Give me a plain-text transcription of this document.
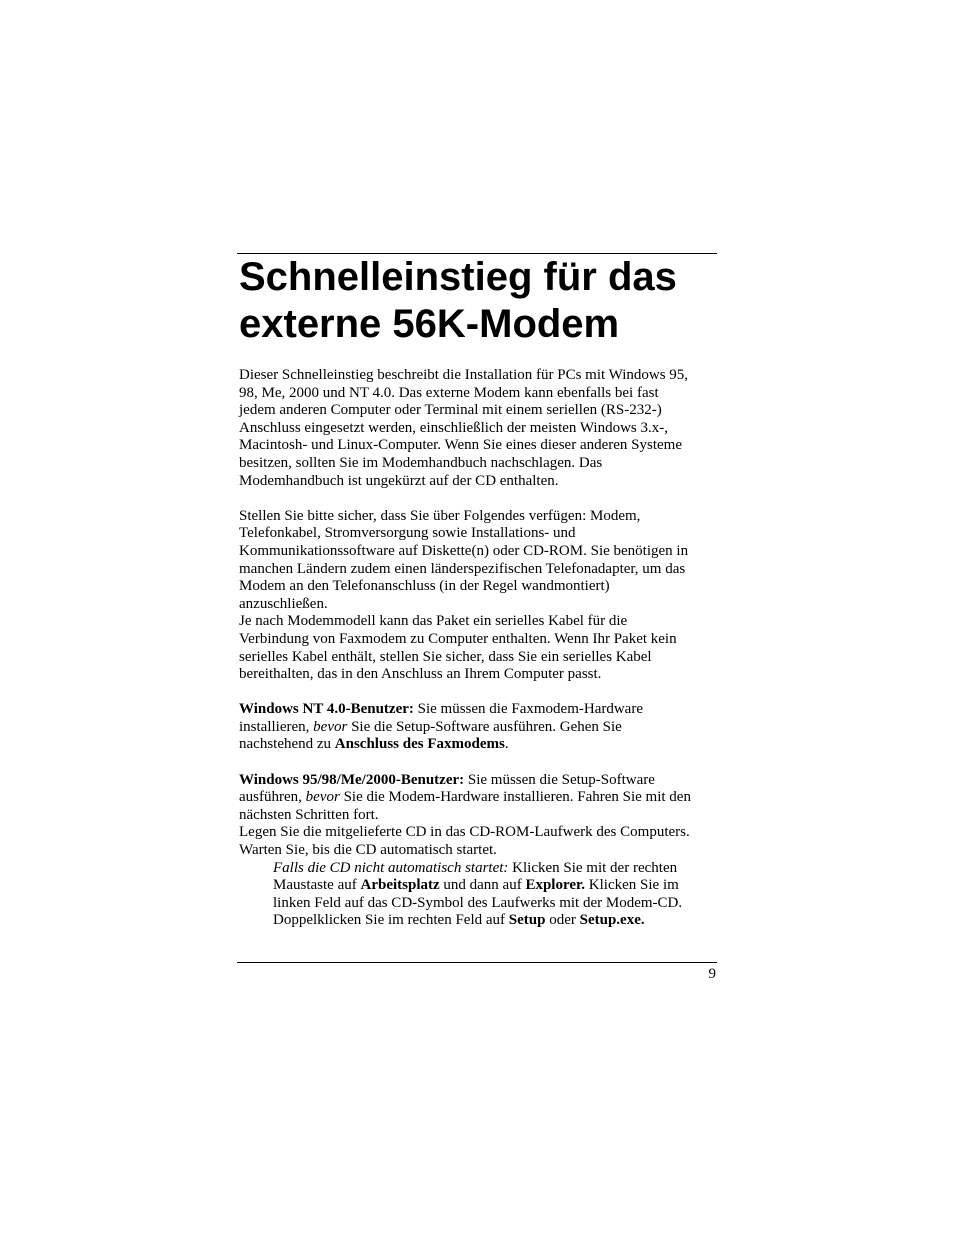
Schnelleinstieg für das
externe 56K-Modem
Dieser Schnelleinstieg beschreibt die Installation für PCs mit Windows 95,
98, Me, 2000 und NT 4.0. Das externe Modem kann ebenfalls bei fast
jedem anderen Computer oder Terminal mit einem seriellen (RS-232-)
Anschluss eingesetzt werden, einschließlich der meisten Windows 3.x-,
Macintosh- und Linux-Computer. Wenn Sie eines dieser anderen Systeme
besitzen, sollten Sie im Modemhandbuch nachschlagen. Das
Modemhandbuch ist ungekürzt auf der CD enthalten.
Stellen Sie bitte sicher, dass Sie über Folgendes verfügen: Modem,
Telefonkabel, Stromversorgung sowie Installations- und
Kommunikationssoftware auf Diskette(n) oder CD-ROM. Sie benötigen in
manchen Ländern zudem einen länderspezifischen Telefonadapter, um das
Modem an den Telefonanschluss (in der Regel wandmontiert)
anzuschließen.
Je nach Modemmodell kann das Paket ein serielles Kabel für die
Verbindung von Faxmodem zu Computer enthalten. Wenn Ihr Paket kein
serielles Kabel enthält, stellen Sie sicher, dass Sie ein serielles Kabel
bereithalten, das in den Anschluss an Ihrem Computer passt.
Windows NT 4.0-Benutzer: Sie müssen die Faxmodem-Hardware
installieren, bevor Sie die Setup-Software ausführen. Gehen Sie
nachstehend zu Anschluss des Faxmodems.
Windows 95/98/Me/2000-Benutzer: Sie müssen die Setup-Software
ausführen, bevor Sie die Modem-Hardware installieren. Fahren Sie mit den
nächsten Schritten fort.
Legen Sie die mitgelieferte CD in das CD-ROM-Laufwerk des Computers.
Warten Sie, bis die CD automatisch startet.
Falls die CD nicht automatisch startet: Klicken Sie mit der rechten
Maustaste auf Arbeitsplatz und dann auf Explorer. Klicken Sie im
linken Feld auf das CD-Symbol des Laufwerks mit der Modem-CD.
Doppelklicken Sie im rechten Feld auf Setup oder Setup.exe.
9
